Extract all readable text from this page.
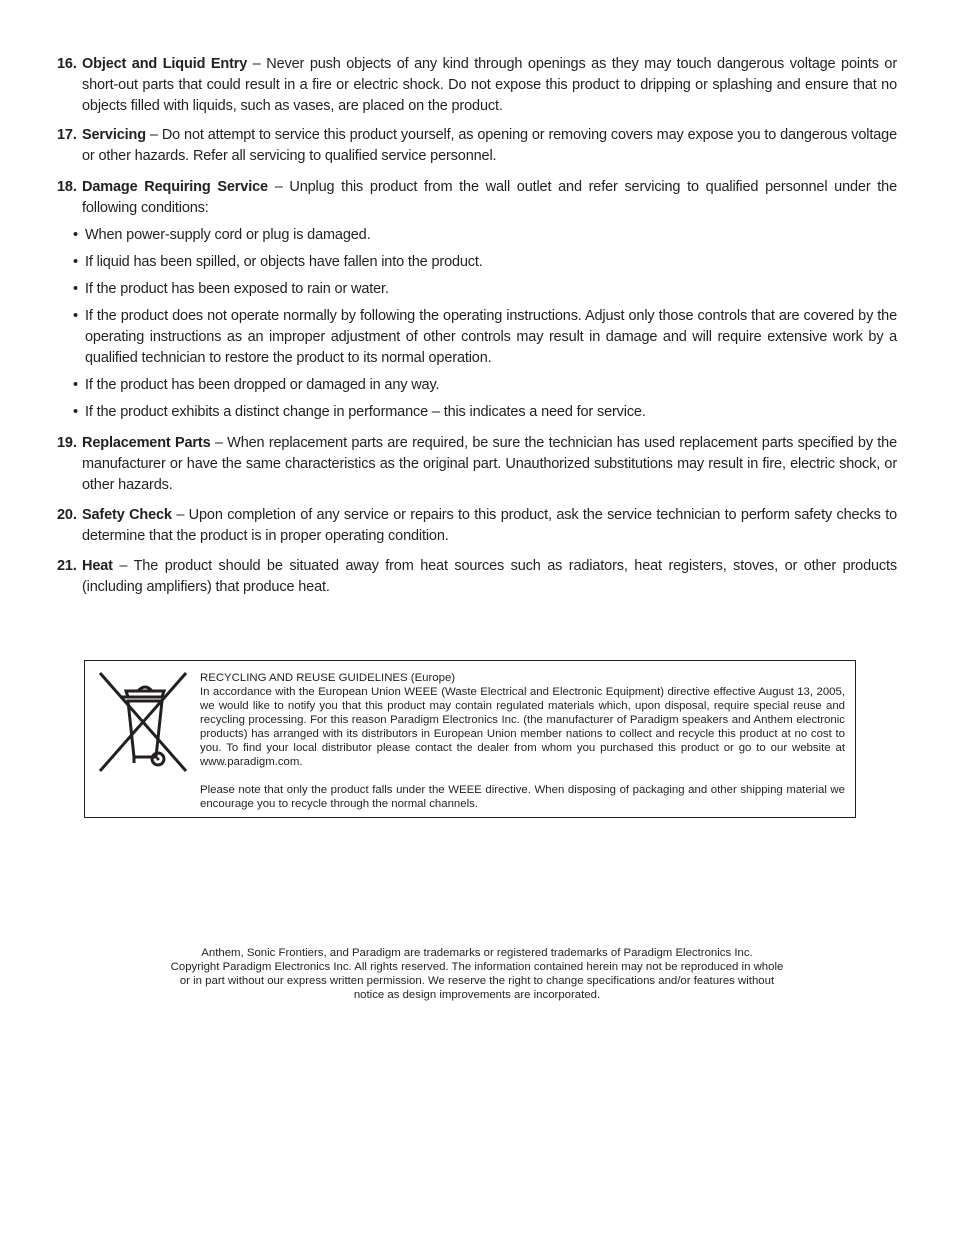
16. Object and Liquid Entry – Never push objects of any kind through openings as they may touch dangerous voltage points or short-out parts that could result in a fire or electric shock. Do not expose this product to dripping or splashing and ensure that no objects filled with liquids, such as vases, are placed on the product.
17. Servicing – Do not attempt to service this product yourself, as opening or removing covers may expose you to dangerous voltage or other hazards. Refer all servicing to qualified service personnel.
18. Damage Requiring Service – Unplug this product from the wall outlet and refer servicing to qualified personnel under the following conditions:
• When power-supply cord or plug is damaged.
• If liquid has been spilled, or objects have fallen into the product.
• If the product has been exposed to rain or water.
• If the product does not operate normally by following the operating instructions. Adjust only those controls that are covered by the operating instructions as an improper adjustment of other controls may result in damage and will require extensive work by a qualified technician to restore the product to its normal operation.
• If the product has been dropped or damaged in any way.
• If the product exhibits a distinct change in performance – this indicates a need for service.
19. Replacement Parts – When replacement parts are required, be sure the technician has used replacement parts specified by the manufacturer or have the same characteristics as the original part. Unauthorized substitutions may result in fire, electric shock, or other hazards.
20. Safety Check – Upon completion of any service or repairs to this product, ask the service technician to perform safety checks to determine that the product is in proper operating condition.
21. Heat – The product should be situated away from heat sources such as radiators, heat registers, stoves, or other products (including amplifiers) that produce heat.

RECYCLING AND REUSE GUIDELINES (Europe)

In accordance with the European Union WEEE (Waste Electrical and Electronic Equipment) directive effective August 13, 2005, we would like to notify you that this product may contain regulated materials which, upon disposal, require special reuse and recycling processing. For this reason Paradigm Electronics Inc. (the manufacturer of Paradigm speakers and Anthem electronic products) has arranged with its distributors in European Union member nations to collect and recycle this product at no cost to you. To find your local distributor please contact the dealer from whom you purchased this product or go to our website at www.paradigm.com.

Please note that only the product falls under the WEEE directive. When disposing of packaging and other shipping material we encourage you to recycle through the normal channels.

Anthem, Sonic Frontiers, and Paradigm are trademarks or registered trademarks of Paradigm Electronics Inc.
Copyright Paradigm Electronics Inc. All rights reserved. The information contained herein may not be reproduced in whole
or in part without our express written permission. We reserve the right to change specifications and/or features without
notice as design improvements are incorporated.
